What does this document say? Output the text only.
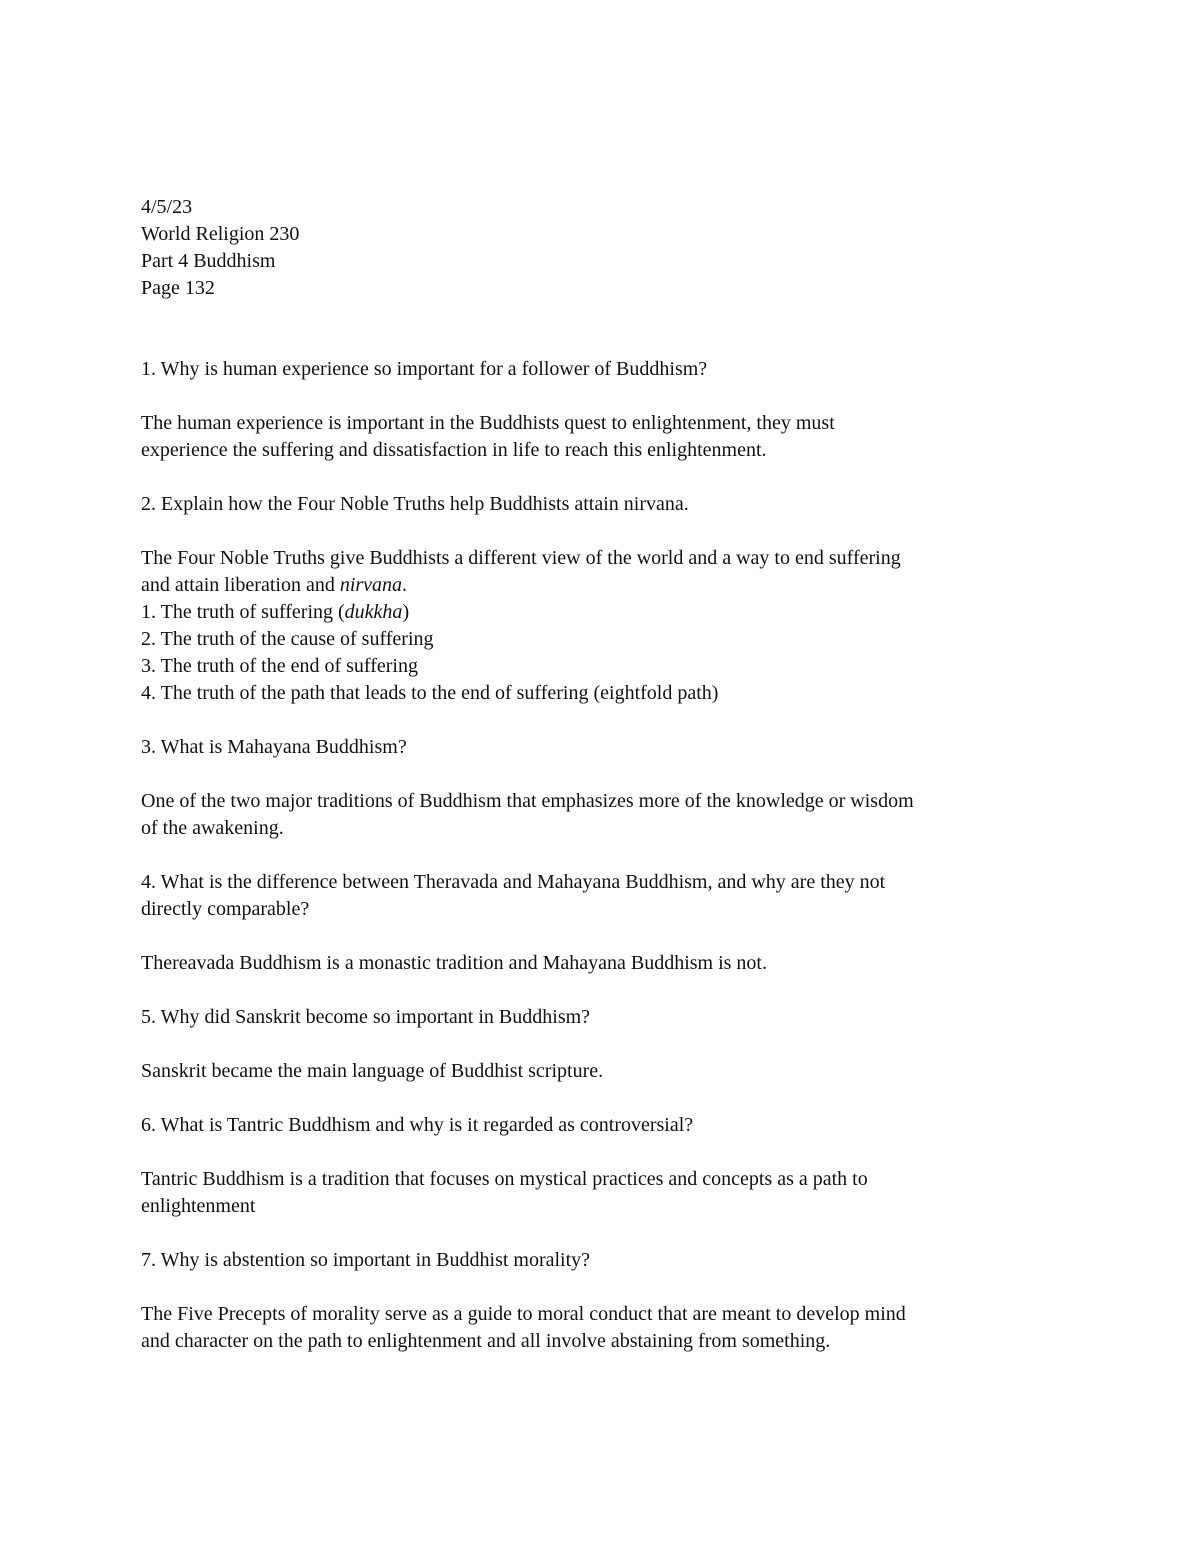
4/5/23

World Religion 230

Part 4 Buddhism

Page 132

1. Why is human experience so important for a follower of Buddhism?

The human experience is important in the Buddhists quest to enlightenment, they must

experience the suffering and dissatisfaction in life to reach this enlightenment.

2. Explain how the Four Noble Truths help Buddhists attain nirvana.

The Four Noble Truths give Buddhists a different view of the world and a way to end suffering

and attain liberation and nirvana.

1. The truth of suffering (dukkha)

2. The truth of the cause of suffering

3. The truth of the end of suffering

4. The truth of the path that leads to the end of suffering (eightfold path)

3. What is Mahayana Buddhism?

One of the two major traditions of Buddhism that emphasizes more of the knowledge or wisdom

of the awakening.

4. What is the difference between Theravada and Mahayana Buddhism, and why are they not

directly comparable?

Thereavada Buddhism is a monastic tradition and Mahayana Buddhism is not.

5. Why did Sanskrit become so important in Buddhism?

Sanskrit became the main language of Buddhist scripture.

6. What is Tantric Buddhism and why is it regarded as controversial?

Tantric Buddhism is a tradition that focuses on mystical practices and concepts as a path to

enlightenment

7. Why is abstention so important in Buddhist morality?

The Five Precepts of morality serve as a guide to moral conduct that are meant to develop mind

and character on the path to enlightenment and all involve abstaining from something.
